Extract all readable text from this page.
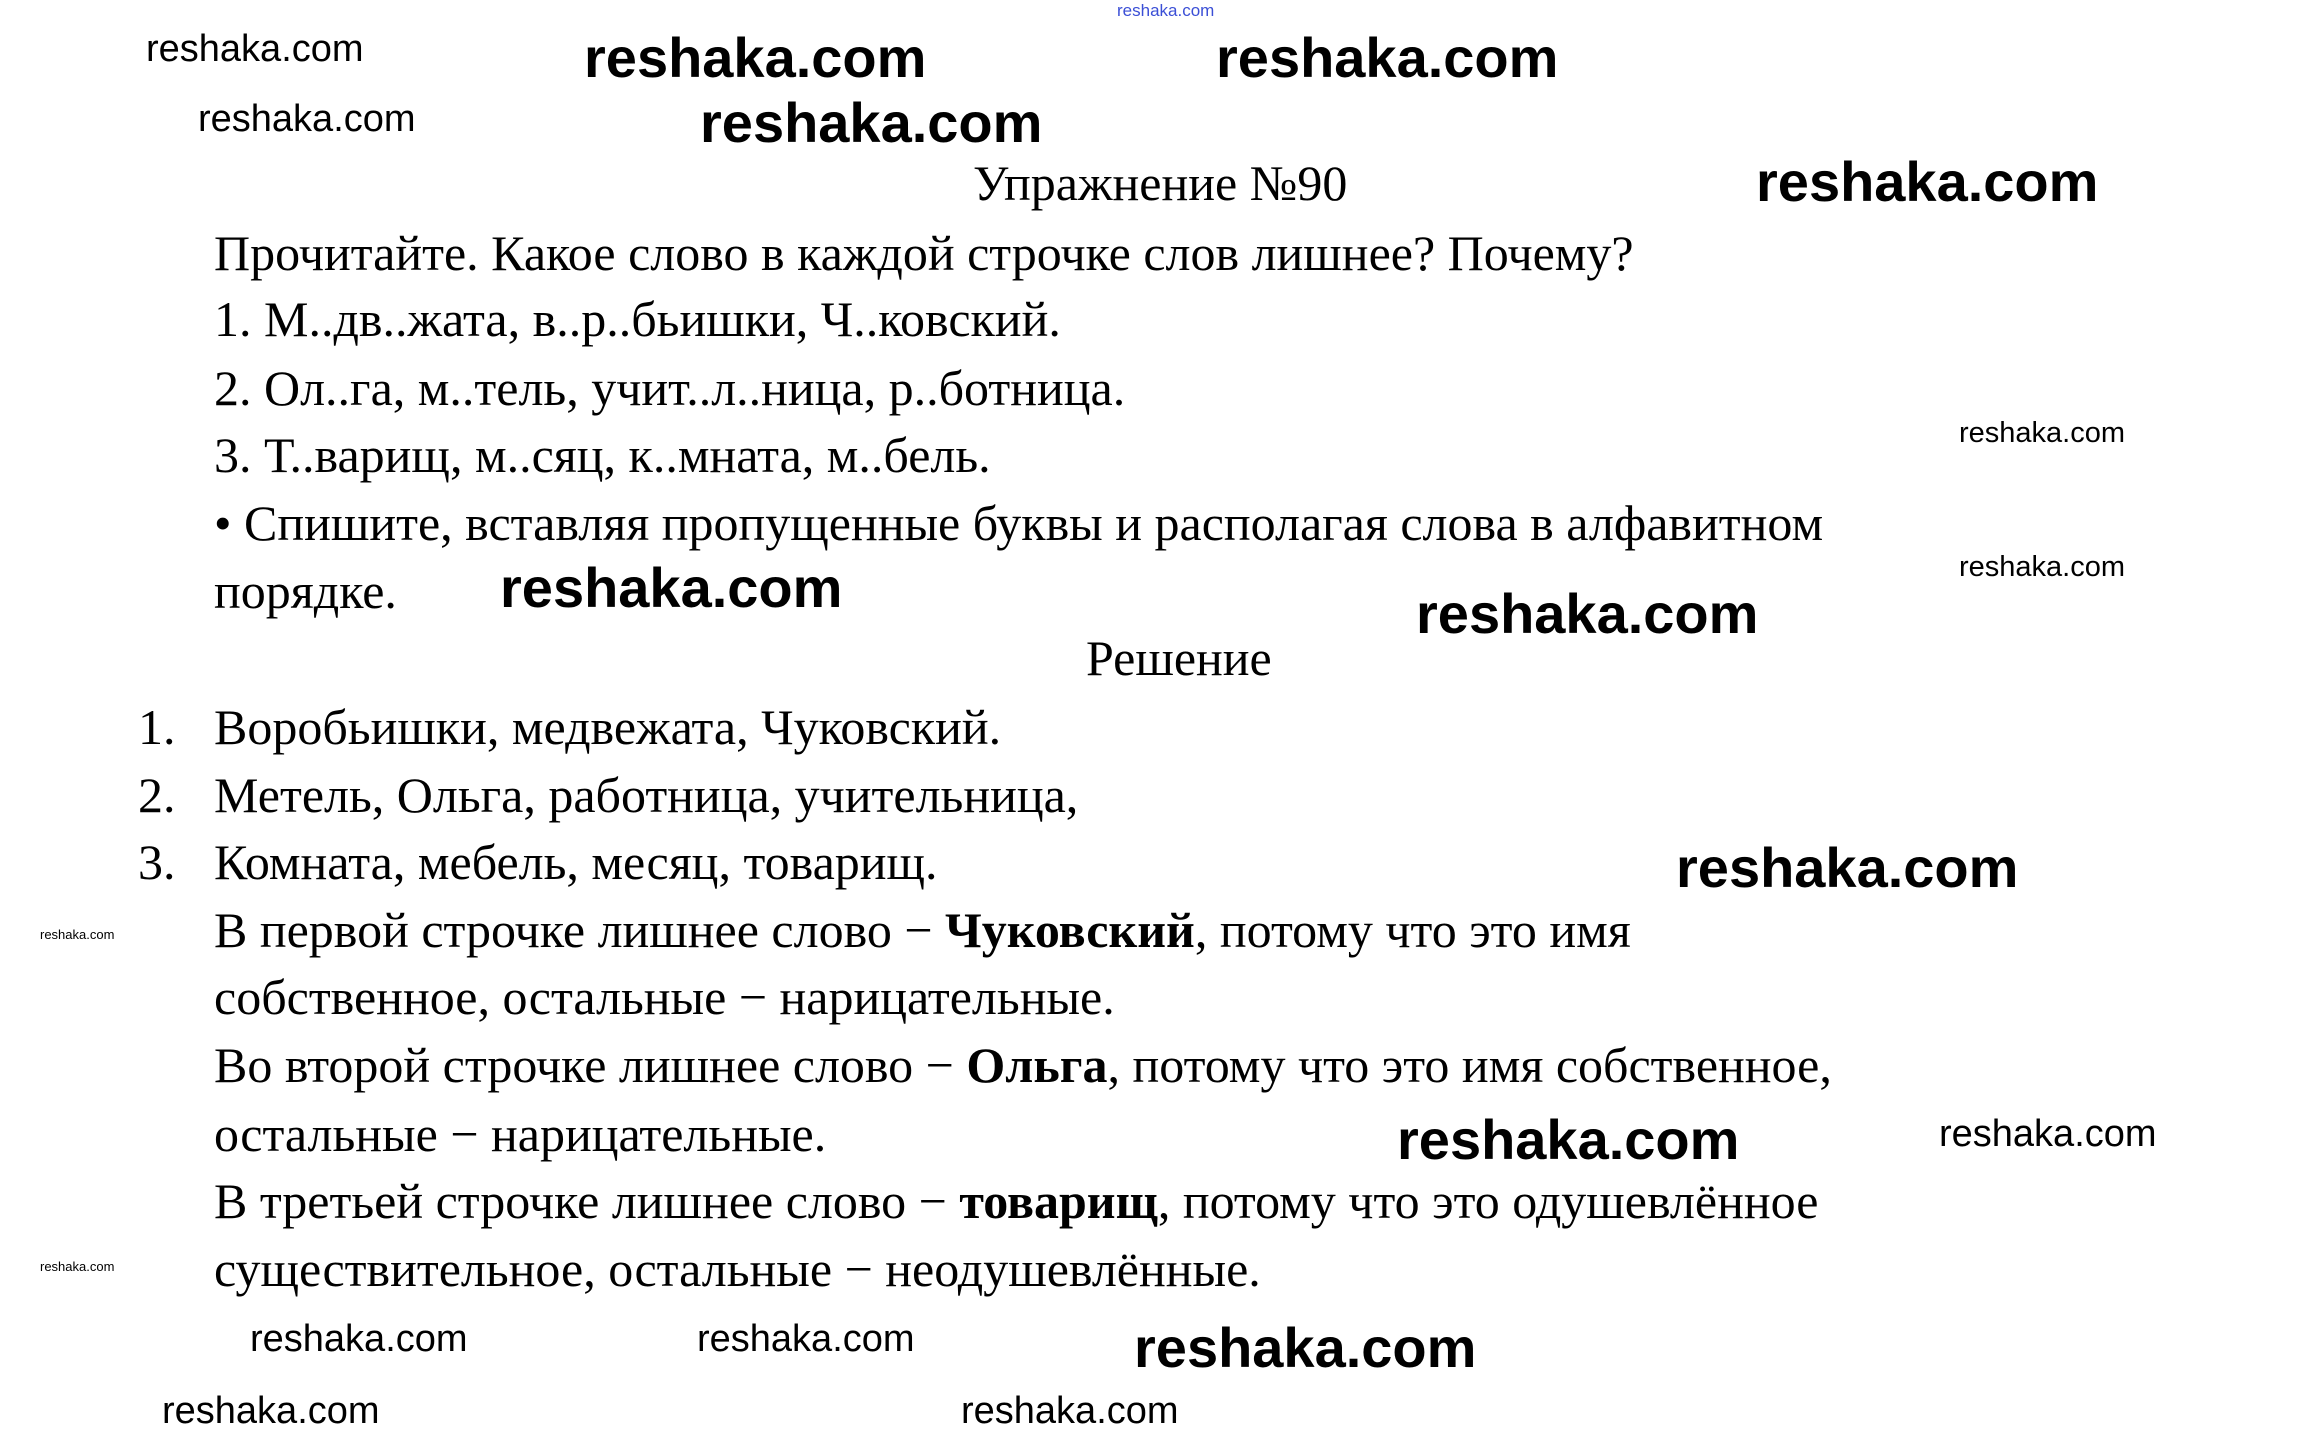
Упражнение №90
Прочитайте. Какое слово в каждой строчке слов лишнее? Почему?
1. М..дв..жата, в..р..бьишки, Ч..ковский.
2. Ол..га, м..тель, учит..л..ница, р..ботница.
3. Т..варищ, м..сяц, к..мната, м..бель.
• Спишите, вставляя пропущенные буквы и располагая слова в алфавитном
порядке.
Решение
1. Воробьишки, медвежата, Чуковский.
2. Метель, Ольга, работница, учительница,
3. Комната, мебель, месяц, товарищ.
В первой строчке лишнее слово − Чуковский, потому что это имя
собственное, остальные − нарицательные.
Во второй строчке лишнее слово − Ольга, потому что это имя собственное,
остальные − нарицательные.
В третьей строчке лишнее слово − товарищ, потому что это одушевлённое
существительное, остальные − неодушевлённые.
reshaka.com
reshaka.com	reshaka.com	reshaka.com
reshaka.com	reshaka.com
reshaka.com
reshaka.com
reshaka.com
reshaka.com	reshaka.com
reshaka.com
reshaka.com
reshaka.com	reshaka.com
reshaka.com
reshaka.com	reshaka.com	reshaka.com
reshaka.com	reshaka.com
